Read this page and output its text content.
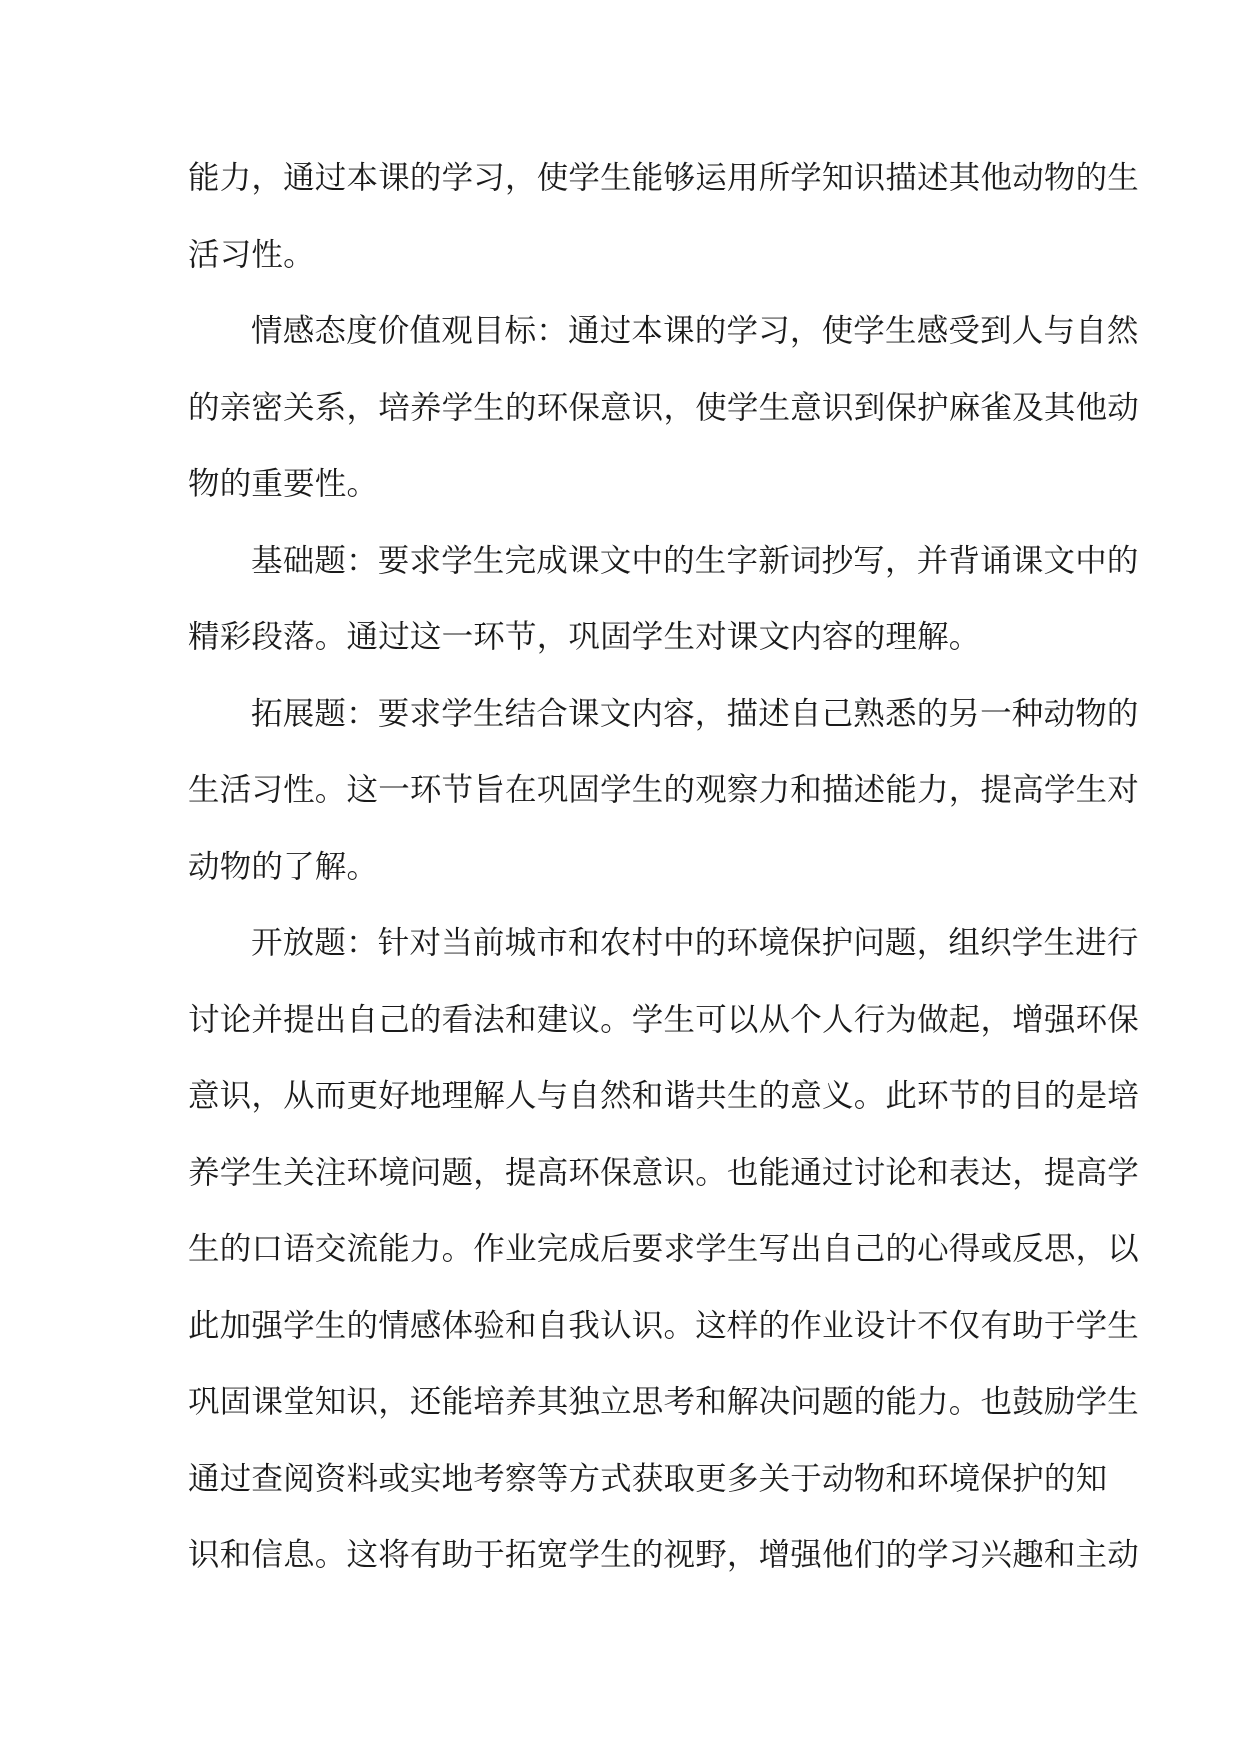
能力，通过本课的学习，使学生能够运用所学知识描述其他动物的生
活习性。
情感态度价值观目标：通过本课的学习，使学生感受到人与自然
的亲密关系，培养学生的环保意识，使学生意识到保护麻雀及其他动
物的重要性。
基础题：要求学生完成课文中的生字新词抄写，并背诵课文中的
精彩段落。通过这一环节，巩固学生对课文内容的理解。
拓展题：要求学生结合课文内容，描述自己熟悉的另一种动物的
生活习性。这一环节旨在巩固学生的观察力和描述能力，提高学生对
动物的了解。
开放题：针对当前城市和农村中的环境保护问题，组织学生进行
讨论并提出自己的看法和建议。学生可以从个人行为做起，增强环保
意识，从而更好地理解人与自然和谐共生的意义。此环节的目的是培
养学生关注环境问题，提高环保意识。也能通过讨论和表达，提高学
生的口语交流能力。作业完成后要求学生写出自己的心得或反思，以
此加强学生的情感体验和自我认识。这样的作业设计不仅有助于学生
巩固课堂知识，还能培养其独立思考和解决问题的能力。也鼓励学生
通过查阅资料或实地考察等方式获取更多关于动物和环境保护的知
识和信息。这将有助于拓宽学生的视野，增强他们的学习兴趣和主动
